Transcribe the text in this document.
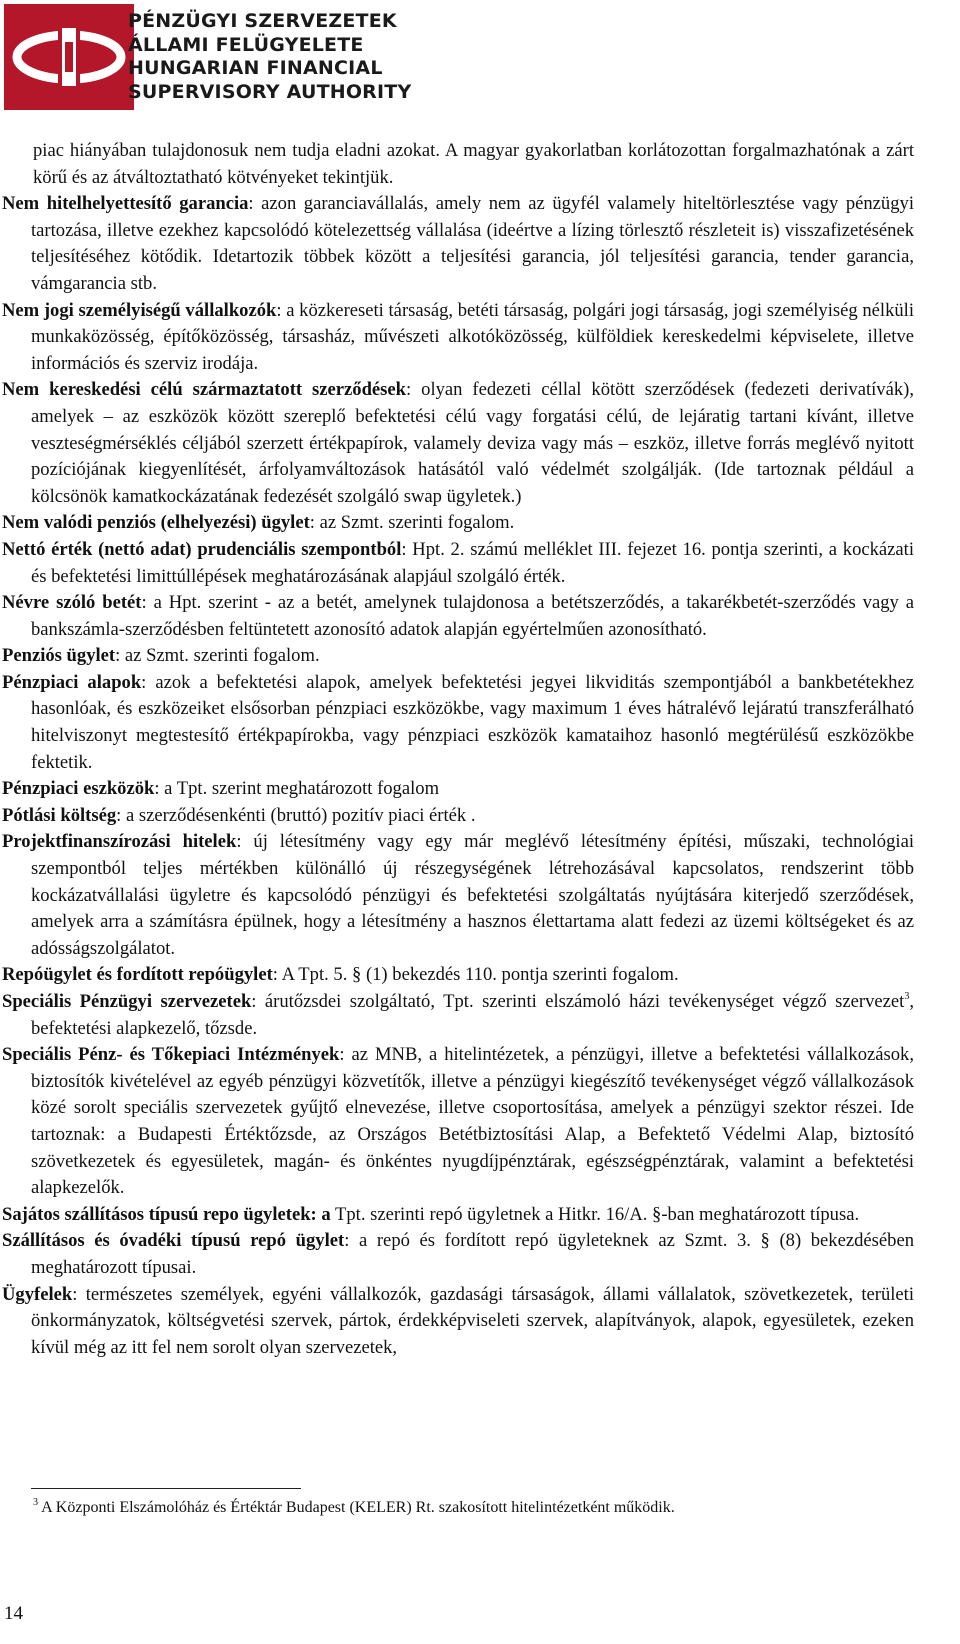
PÉNZÜGYI SZERVEZETEK
ÁLLAMI FELÜGYELETE
HUNGARIAN FINANCIAL
SUPERVISORY AUTHORITY

piac hiányában tulajdonosuk nem tudja eladni azokat. A magyar gyakorlatban korlátozottan forgalmazhatónak a zárt körű és az átváltoztatható kötvényeket tekintjük.

Nem hitelhelyettesítő garancia: azon garanciavállalás, amely nem az ügyfél valamely hiteltörlesztése vagy pénzügyi tartozása, illetve ezekhez kapcsolódó kötelezettség vállalása (ideértve a lízing törlesztő részleteit is) visszafizetésének teljesítéséhez kötődik. Idetartozik többek között a teljesítési garancia, jól teljesítési garancia, tender garancia, vámgarancia stb.

Nem jogi személyiségű vállalkozók: a közkereseti társaság, betéti társaság, polgári jogi társaság, jogi személyiség nélküli munkaközösség, építőközösség, társasház, művészeti alkotóközösség, külföldiek kereskedelmi képviselete, illetve információs és szerviz irodája.

Nem kereskedési célú származtatott szerződések: olyan fedezeti céllal kötött szerződések (fedezeti derivatívák), amelyek – az eszközök között szereplő befektetési célú vagy forgatási célú, de lejáratig tartani kívánt, illetve veszteségmérséklés céljából szerzett értékpapírok, valamely deviza vagy más – eszköz, illetve forrás meglévő nyitott pozíciójának kiegyenlítését, árfolyamváltozások hatásától való védelmét szolgálják. (Ide tartoznak például a kölcsönök kamatkockázatának fedezését szolgáló swap ügyletek.)

Nem valódi penziós (elhelyezési) ügylet: az Szmt. szerinti fogalom.

Nettó érték (nettó adat) prudenciális szempontból: Hpt. 2. számú melléklet III. fejezet 16. pontja szerinti, a kockázati és befektetési limittúllépések meghatározásának alapjául szolgáló érték.

Névre szóló betét: a Hpt. szerint - az a betét, amelynek tulajdonosa a betétszerződés, a takarékbetét-szerződés vagy a bankszámla-szerződésben feltüntetett azonosító adatok alapján egyértelműen azonosítható.

Penziós ügylet: az Szmt. szerinti fogalom.

Pénzpiaci alapok: azok a befektetési alapok, amelyek befektetési jegyei likviditás szempontjából a bankbetétekhez hasonlóak, és eszközeiket elsősorban pénzpiaci eszközökbe, vagy maximum 1 éves hátralévő lejáratú transzferálható hitelviszonyt megtestesítő értékpapírokba, vagy pénzpiaci eszközök kamataihoz hasonló megtérülésű eszközökbe fektetik.

Pénzpiaci eszközök: a Tpt. szerint meghatározott fogalom

Pótlási költség: a szerződésenkénti (bruttó) pozitív piaci érték .

Projektfinanszírozási hitelek: új létesítmény vagy egy már meglévő létesítmény építési, műszaki, technológiai szempontból teljes mértékben különálló új részegységének létrehozásával kapcsolatos, rendszerint több kockázatvállalási ügyletre és kapcsolódó pénzügyi és befektetési szolgáltatás nyújtására kiterjedő szerződések, amelyek arra a számításra épülnek, hogy a létesítmény a hasznos élettartama alatt fedezi az üzemi költségeket és az adósságszolgálatot.

Repóügylet és fordított repóügylet: A Tpt. 5. § (1) bekezdés 110. pontja szerinti fogalom.

Speciális Pénzügyi szervezetek: árutőzsdei szolgáltató, Tpt. szerinti elszámoló házi tevékenységet végző szervezet$^3$, befektetési alapkezelő, tőzsde.

Speciális Pénz- és Tőkepiaci Intézmények: az MNB, a hitelintézetek, a pénzügyi, illetve a befektetési vállalkozások, biztosítók kivételével az egyéb pénzügyi közvetítők, illetve a pénzügyi kiegészítő tevékenységet végző vállalkozások közé sorolt speciális szervezetek gyűjtő elnevezése, illetve csoportosítása, amelyek a pénzügyi szektor részei. Ide tartoznak: a Budapesti Értéktőzsde, az Országos Betétbiztosítási Alap, a Befektető Védelmi Alap, biztosító szövetkezetek és egyesületek, magán- és önkéntes nyugdíjpénztárak, egészségpénztárak, valamint a befektetési alapkezelők.

Sajátos szállításos típusú repo ügyletek: a Tpt. szerinti repó ügyletnek a Hitkr. 16/A. §-ban meghatározott típusa.

Szállításos és óvadéki típusú repó ügylet: a repó és fordított repó ügyleteknek az Szmt. 3. § (8) bekezdésében meghatározott típusai.

Ügyfelek: természetes személyek, egyéni vállalkozók, gazdasági társaságok, állami vállalatok, szövetkezetek, területi önkormányzatok, költségvetési szervek, pártok, érdekképviseleti szervek, alapítványok, alapok, egyesületek, ezeken kívül még az itt fel nem sorolt olyan szervezetek,

$^3$ A Központi Elszámolóház és Értéktár Budapest (KELER) Rt. szakosított hitelintézetként működik.
14
